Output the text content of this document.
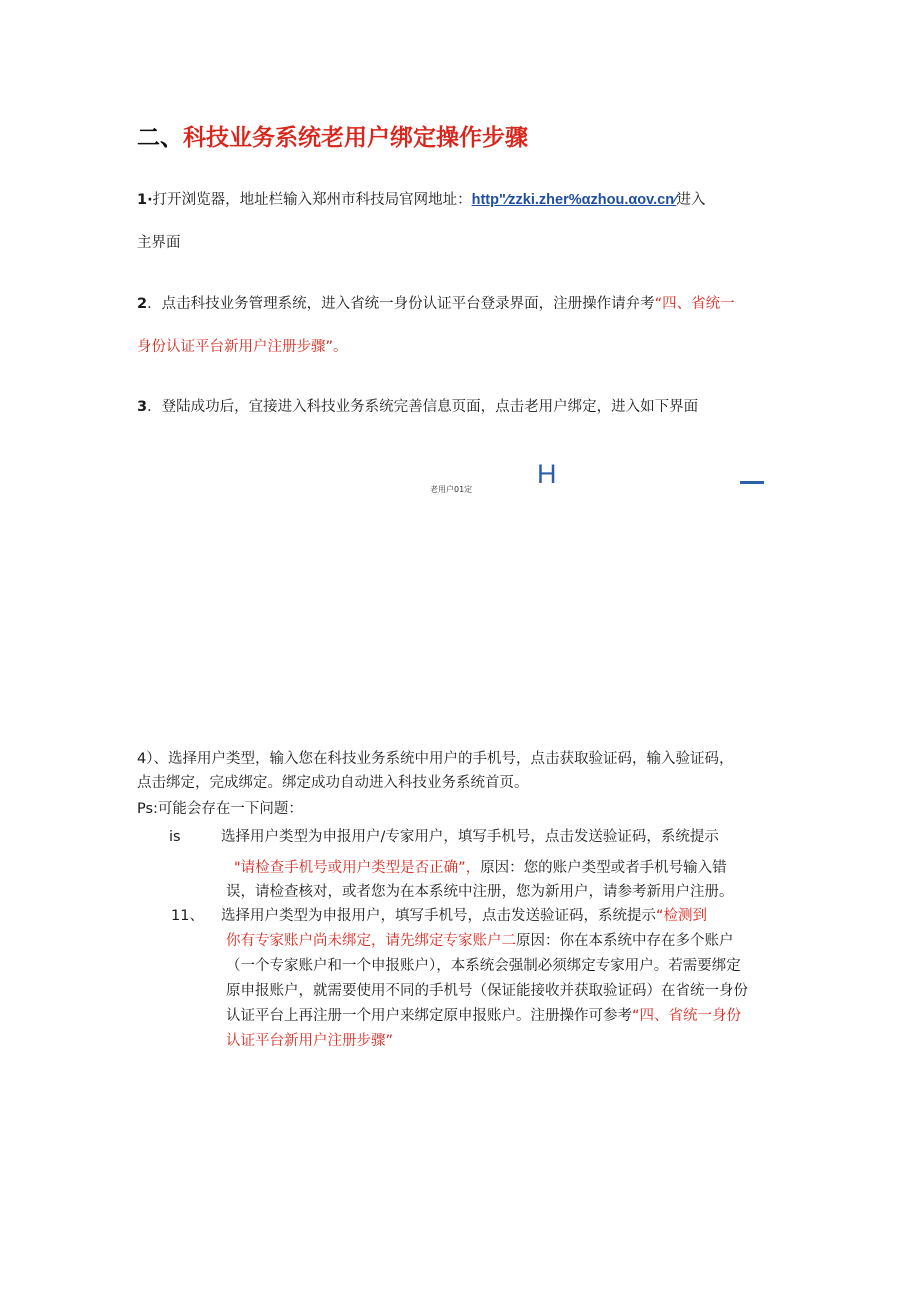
二、科技业务系统老用户绑定操作步骤
1·打开浏览器，地址栏输入郑州市科技局官网地址：http"∕zzki.zher%αzhou.αov.cn∕进入
主界面
2．点击科技业务管理系统，进入省统一身份认证平台登录界面，注册操作请弁考“四、省统一
身份认证平台新用户注册步骤”。
3．登陆成功后，宜接进入科技业务系统完善信息页面，点击老用户绑定，进入如下界面
老用户01定
H
4）、选择用户类型，输入您在科技业务系统中用户的手机号，点击获取验证码，输入验证码，
点击绑定，完成绑定。绑定成功自动进入科技业务系统首页。
Ps:可能会存在一下问题：
is	选择用户类型为申报用户/专家用户，填写手机号，点击发送验证码，系统提示
"请检查手机号或用户类型是否正确”，原因：您的账户类型或者手机号输入错
误，请检查核对，或者您为在本系统中注册，您为新用户，请参考新用户注册。
11、 选择用户类型为申报用户，填写手机号，点击发送验证码，系统提示“检测到
你有专家账户尚未绑定，请先绑定专家账户二原因：你在本系统中存在多个账户
（一个专家账户和一个申报账户），本系统会强制必须绑定专家用户。若需要绑定
原申报账户，就需要使用不同的手机号（保证能接收并获取验证码）在省统一身份
认证平台上再注册一个用户来绑定原申报账户。注册操作可参考“四、省统一身份
认证平台新用户注册步骤”
